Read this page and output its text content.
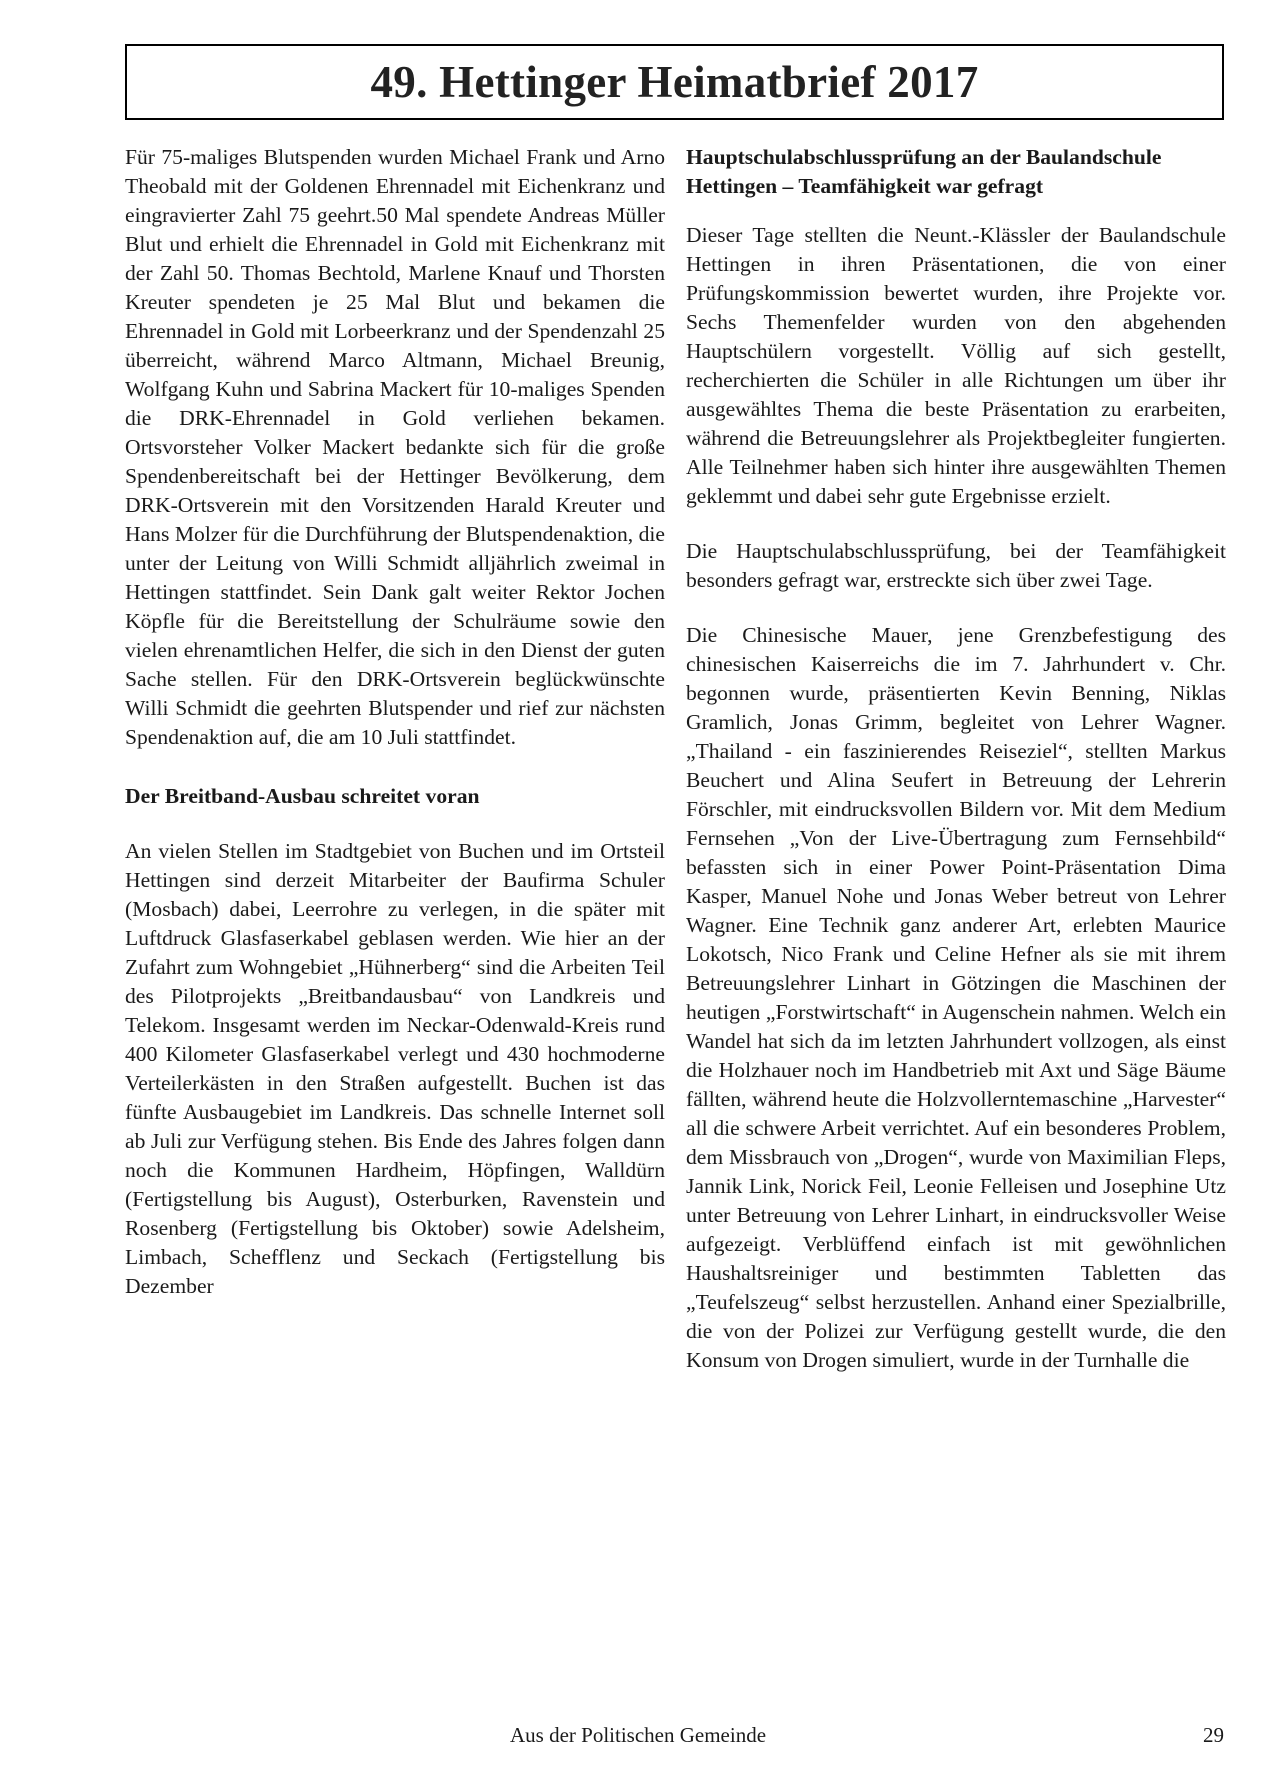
49. Hettinger Heimatbrief 2017

Für 75-maliges Blutspenden wurden Michael Frank und Arno Theobald mit der Goldenen Ehrennadel mit Eichenkranz und eingravierter Zahl 75 geehrt.50 Mal spendete Andreas Müller Blut und erhielt die Ehrennadel in Gold mit Eichenkranz mit der Zahl 50. Thomas Bechtold, Marlene Knauf und Thorsten Kreuter spendeten je 25 Mal Blut und bekamen die Ehrennadel in Gold mit Lorbeerkranz und der Spendenzahl 25 überreicht, während Marco Altmann, Michael Breunig, Wolfgang Kuhn und Sabrina Mackert für 10-maliges Spenden die DRK-Ehrennadel in Gold verliehen bekamen. Ortsvorsteher Volker Mackert bedankte sich für die große Spendenbereitschaft bei der Hettinger Bevölkerung, dem DRK-Ortsverein mit den Vorsitzenden Harald Kreuter und Hans Molzer für die Durchführung der Blutspendenaktion, die unter der Leitung von Willi Schmidt alljährlich zweimal in Hettingen stattfindet. Sein Dank galt weiter Rektor Jochen Köpfle für die Bereitstellung der Schulräume sowie den vielen ehrenamtlichen Helfer, die sich in den Dienst der guten Sache stellen. Für den DRK-Ortsverein beglückwünschte Willi Schmidt die geehrten Blutspender und rief zur nächsten Spendenaktion auf, die am 10 Juli stattfindet.

Der Breitband-Ausbau schreitet voran

An vielen Stellen im Stadtgebiet von Buchen und im Ortsteil Hettingen sind derzeit Mitarbeiter der Baufirma Schuler (Mosbach) dabei, Leerrohre zu verlegen, in die später mit Luftdruck Glasfaserkabel geblasen werden. Wie hier an der Zufahrt zum Wohngebiet „Hühnerberg“ sind die Arbeiten Teil des Pilotprojekts „Breitbandausbau“ von Landkreis und Telekom. Insgesamt werden im Neckar-Odenwald-Kreis rund 400 Kilometer Glasfaserkabel verlegt und 430 hochmoderne Verteilerkästen in den Straßen aufgestellt. Buchen ist das fünfte Ausbaugebiet im Landkreis. Das schnelle Internet soll ab Juli zur Verfügung stehen. Bis Ende des Jahres folgen dann noch die Kommunen Hardheim, Höpfingen, Walldürn (Fertigstellung bis August), Osterburken, Ravenstein und Rosenberg (Fertigstellung bis Oktober) sowie Adelsheim, Limbach, Schefflenz und Seckach (Fertigstellung bis Dezember

Hauptschulabschlussprüfung an der Baulandschule Hettingen – Teamfähigkeit war gefragt

Dieser Tage stellten die Neunt.-Klässler der Baulandschule Hettingen in ihren Präsentationen, die von einer Prüfungskommission bewertet wurden, ihre Projekte vor. Sechs Themenfelder wurden von den abgehenden Hauptschülern vorgestellt. Völlig auf sich gestellt, recherchierten die Schüler in alle Richtungen um über ihr ausgewähltes Thema die beste Präsentation zu erarbeiten, während die Betreuungslehrer als Projektbegleiter fungierten. Alle Teilnehmer haben sich hinter ihre ausgewählten Themen geklemmt und dabei sehr gute Ergebnisse erzielt.

Die Hauptschulabschlussprüfung, bei der Teamfähigkeit besonders gefragt war, erstreckte sich über zwei Tage.

Die Chinesische Mauer, jene Grenzbefestigung des chinesischen Kaiserreichs die im 7. Jahrhundert v. Chr. begonnen wurde, präsentierten Kevin Benning, Niklas Gramlich, Jonas Grimm, begleitet von Lehrer Wagner. „Thailand - ein faszinierendes Reiseziel“, stellten Markus Beuchert und Alina Seufert in Betreuung der Lehrerin Förschler, mit eindrucksvollen Bildern vor. Mit dem Medium Fernsehen „Von der Live-Übertragung zum Fernsehbild“ befassten sich in einer Power Point-Präsentation Dima Kasper, Manuel Nohe und Jonas Weber betreut von Lehrer Wagner. Eine Technik ganz anderer Art, erlebten Maurice Lokotsch, Nico Frank und Celine Hefner als sie mit ihrem Betreuungslehrer Linhart in Götzingen die Maschinen der heutigen „Forstwirtschaft“ in Augenschein nahmen. Welch ein Wandel hat sich da im letzten Jahrhundert vollzogen, als einst die Holzhauer noch im Handbetrieb mit Axt und Säge Bäume fällten, während heute die Holzvollerntemaschine „Harvester“ all die schwere Arbeit verrichtet. Auf ein besonderes Problem, dem Missbrauch von „Drogen“, wurde von Maximilian Fleps, Jannik Link, Norick Feil, Leonie Felleisen und Josephine Utz unter Betreuung von Lehrer Linhart, in eindrucksvoller Weise aufgezeigt. Verblüffend einfach ist mit gewöhnlichen Haushaltsreiniger und bestimmten Tabletten das „Teufelszeug“ selbst herzustellen. Anhand einer Spezialbrille, die von der Polizei zur Verfügung gestellt wurde, die den Konsum von Drogen simuliert, wurde in der Turnhalle die

Aus der Politischen Gemeinde	29
